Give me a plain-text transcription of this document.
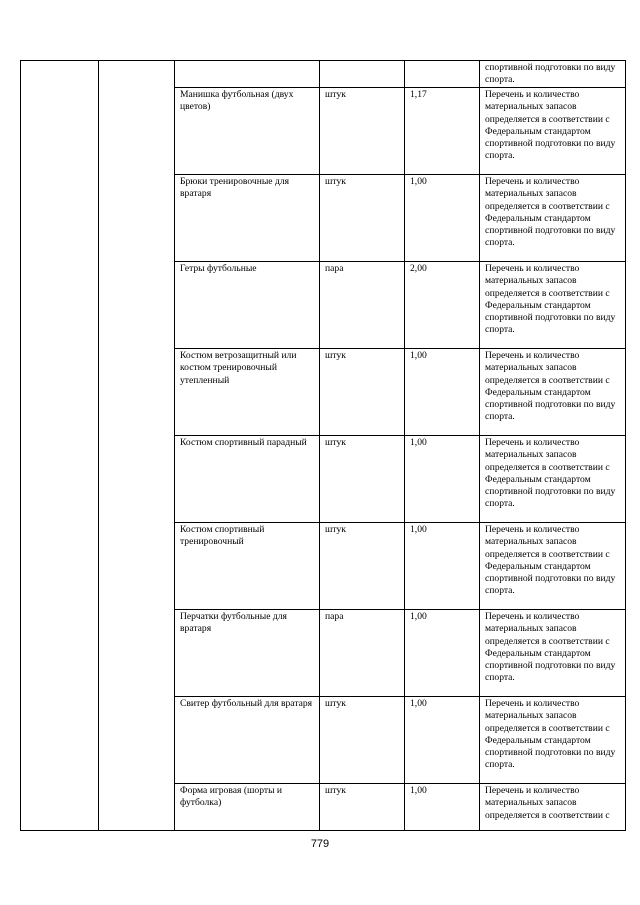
					спортивной подготовки по виду спорта.
		Манишка футбольная (двух цветов)	штук	1,17	Перечень и количество материальных запасов определяется в соответствии с Федеральным стандартом спортивной подготовки по виду спорта.
		Брюки тренировочные для вратаря	штук	1,00	Перечень и количество материальных запасов определяется в соответствии с Федеральным стандартом спортивной подготовки по виду спорта.
		Гетры футбольные	пара	2,00	Перечень и количество материальных запасов определяется в соответствии с Федеральным стандартом спортивной подготовки по виду спорта.
		Костюм ветрозащитный или костюм тренировочный утепленный	штук	1,00	Перечень и количество материальных запасов определяется в соответствии с Федеральным стандартом спортивной подготовки по виду спорта.
		Костюм спортивный парадный	штук	1,00	Перечень и количество материальных запасов определяется в соответствии с Федеральным стандартом спортивной подготовки по виду спорта.
		Костюм спортивный тренировочный	штук	1,00	Перечень и количество материальных запасов определяется в соответствии с Федеральным стандартом спортивной подготовки по виду спорта.
		Перчатки футбольные для вратаря	пара	1,00	Перечень и количество материальных запасов определяется в соответствии с Федеральным стандартом спортивной подготовки по виду спорта.
		Свитер футбольный для вратаря	штук	1,00	Перечень и количество материальных запасов определяется в соответствии с Федеральным стандартом спортивной подготовки по виду спорта.
		Форма игровая (шорты и футболка)	штук	1,00	Перечень и количество материальных запасов определяется в соответствии с
779
